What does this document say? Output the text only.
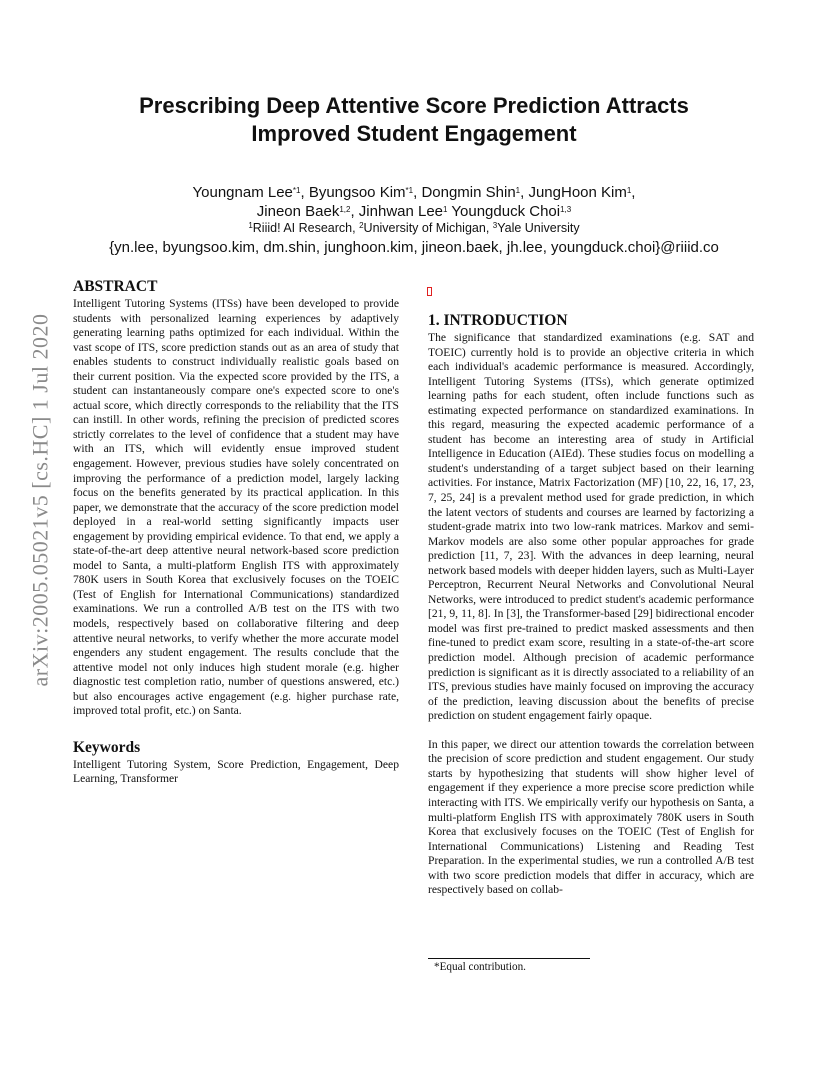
arXiv:2005.05021v5 [cs.HC] 1 Jul 2020
Prescribing Deep Attentive Score Prediction Attracts
Improved Student Engagement
Youngnam Lee$^{*1}$, Byungsoo Kim$^{*1}$, Dongmin Shin$^1$, JungHoon Kim$^1$,
Jineon Baek$^{1,2}$, Jinhwan Lee$^1$ Youngduck Choi$^{1,3}$
$^1$Riiid! AI Research, $^2$University of Michigan, $^3$Yale University
{yn.lee, byungsoo.kim, dm.shin, junghoon.kim, jineon.baek, jh.lee, youngduck.choi}@riiid.co
ABSTRACT

Intelligent Tutoring Systems (ITSs) have been developed to provide students with personalized learning experiences by adaptively generating learning paths optimized for each individual. Within the vast scope of ITS, score prediction stands out as an area of study that enables students to construct individually realistic goals based on their current position. Via the expected score provided by the ITS, a student can instantaneously compare one's expected score to one's actual score, which directly corresponds to the reliability that the ITS can instill. In other words, refining the precision of predicted scores strictly correlates to the level of confidence that a student may have with an ITS, which will evidently ensue improved student engagement. However, previous studies have solely concentrated on improving the performance of a prediction model, largely lacking focus on the benefits generated by its practical application. In this paper, we demonstrate that the accuracy of the score prediction model deployed in a real-world setting significantly impacts user engagement by providing empirical evidence. To that end, we apply a state-of-the-art deep attentive neural network-based score prediction model to Santa, a multi-platform English ITS with approximately 780K users in South Korea that exclusively focuses on the TOEIC (Test of English for International Communications) standardized examinations. We run a controlled A/B test on the ITS with two models, respectively based on collaborative filtering and deep attentive neural networks, to verify whether the more accurate model engenders any student engagement. The results conclude that the attentive model not only induces high student morale (e.g. higher diagnostic test completion ratio, number of questions answered, etc.) but also encourages active engagement (e.g. higher purchase rate, improved total profit, etc.) on Santa.

Keywords

Intelligent Tutoring System, Score Prediction, Engagement, Deep Learning, Transformer

1. INTRODUCTION

The significance that standardized examinations (e.g. SAT and TOEIC) currently hold is to provide an objective criteria in which each individual's academic performance is measured. Accordingly, Intelligent Tutoring Systems (ITSs), which generate optimized learning paths for each student, often include functions such as estimating expected performance on standardized examinations. In this regard, measuring the expected academic performance of a student has become an interesting area of study in Artificial Intelligence in Education (AIEd). These studies focus on modelling a student's understanding of a target subject based on their learning activities. For instance, Matrix Factorization (MF) [10, 22, 16, 17, 23, 7, 25, 24] is a prevalent method used for grade prediction, in which the latent vectors of students and courses are learned by factorizing a student-grade matrix into two low-rank matrices. Markov and semi-Markov models are also some other popular approaches for grade prediction [11, 7, 23]. With the advances in deep learning, neural network based models with deeper hidden layers, such as Multi-Layer Perceptron, Recurrent Neural Networks and Convolutional Neural Networks, were introduced to predict student's academic performance [21, 9, 11, 8]. In [3], the Transformer-based [29] bidirectional encoder model was first pre-trained to predict masked assessments and then fine-tuned to predict exam score, resulting in a state-of-the-art score prediction model. Although precision of academic performance prediction is significant as it is directly associated to a reliability of an ITS, previous studies have mainly focused on improving the accuracy of the prediction, leaving discussion about the benefits of precise prediction on student engagement fairly opaque.

In this paper, we direct our attention towards the correlation between the precision of score prediction and student engagement. Our study starts by hypothesizing that students will show higher level of engagement if they experience a more precise score prediction while interacting with ITS. We empirically verify our hypothesis on Santa, a multi-platform English ITS with approximately 780K users in South Korea that exclusively focuses on the TOEIC (Test of English for International Communications) Listening and Reading Test Preparation. In the experimental studies, we run a controlled A/B test with two score prediction models that differ in accuracy, which are respectively based on collab-

*Equal contribution.
